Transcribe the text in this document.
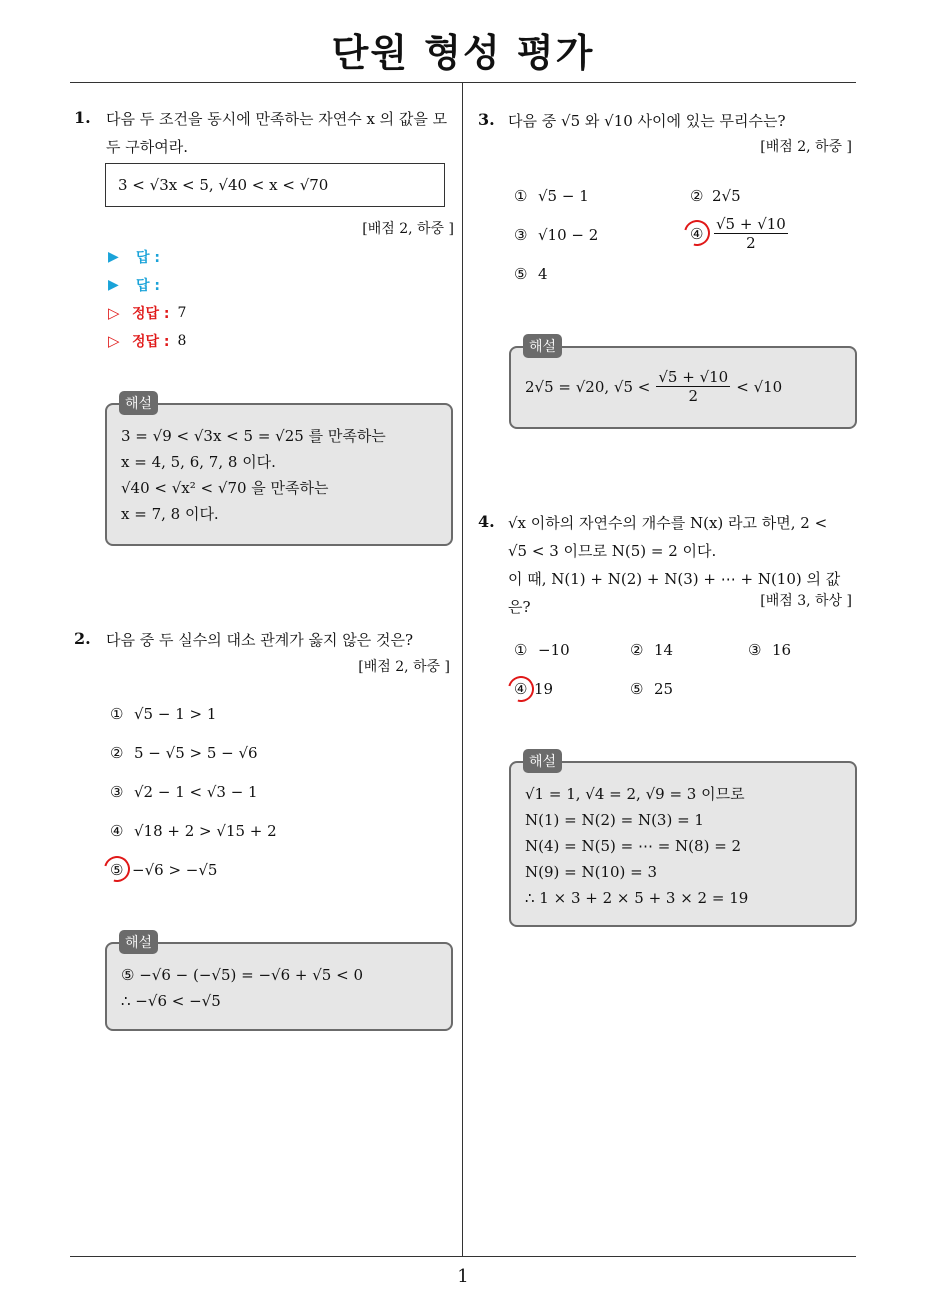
단원 형성 평가
1. 다음 두 조건을 동시에 만족하는 자연수 x 의 값을 모
두 구하여라.
3 < √3x < 5, √40 < x < √70
[배점 2, 하중 ]
▶	답 :
▶	답 :
▷ 정답 : 7
▷ 정답 : 8
3 = √9 < √3x < 5 = √25 를 만족하는
x = 4, 5, 6, 7, 8 이다.
√40 < √x² < √70 을 만족하는
x = 7, 8 이다.
해설
2. 다음 중 두 실수의 대소 관계가 옳지 않은 것은?
[배점 2, 하중 ]
① √5 − 1 > 1
② 5 − √5 > 5 − √6
③ √2 − 1 < √3 − 1
④ √18 + 2 > √15 + 2
⑤ −√6 > −√5
⑤ −√6 − (−√5) = −√6 + √5 < 0
∴ −√6 < −√5
해설
3. 다음 중 √5 와 √10 사이에 있는 무리수는?
[배점 2, 하중 ]
① √5 − 1	② 2√5
③ √10 − 2	④ $\frac{√5 + √10}{2}$
⑤ 4
2√5 = √20, $√5 < \frac{√5 + √10}{2} < √10$
해설
4. √x 이하의 자연수의 개수를 N(x) 라고 하면, 2 <
√5 < 3 이므로 N(5) = 2 이다.
이 때, N(1) + N(2) + N(3) + ⋯ + N(10) 의 값은?	[배점 3, 하상 ]
① −10	② 14	③ 16
④ 19	⑤ 25
√1 = 1, √4 = 2, √9 = 3 이므로
N(1) = N(2) = N(3) = 1
N(4) = N(5) = ⋯ = N(8) = 2
N(9) = N(10) = 3
∴ 1 × 3 + 2 × 5 + 3 × 2 = 19
해설
1
